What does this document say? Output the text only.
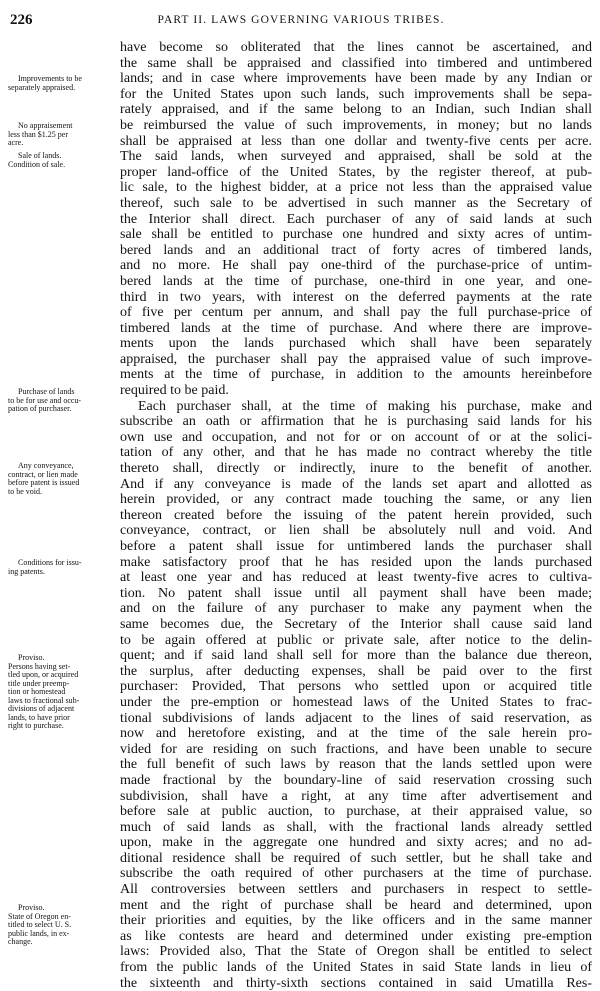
226	PART II. LAWS GOVERNING VARIOUS TRIBES.
Improvements to be
separately appraised.
No appraisement
less than $1.25 per
acre.
Sale of lands.
Condition of sale.
Purchase of lands
to be for use and occu-
pation of purchaser.
Any conveyance,
contract, or lien made
before patent is issued
to be void.
Conditions for issu-
ing patents.
Proviso.
Persons having set-
tled upon, or acquired
title under preemp-
tion or homestead
laws to fractional sub-
divisions of adjacent
lands, to have prior
right to purchase.
Proviso.
State of Oregon en-
titled to select U. S.
public lands, in ex-
change.
have become so obliterated that the lines cannot be ascertained, and
the same shall be appraised and classified into timbered and untimbered
lands; and in case where improvements have been made by any Indian or
for the United States upon such lands, such improvements shall be sepa-
rately appraised, and if the same belong to an Indian, such Indian shall
be reimbursed the value of such improvements, in money; but no lands
shall be appraised at less than one dollar and twenty-five cents per acre.
The said lands, when surveyed and appraised, shall be sold at the
proper land-office of the United States, by the register thereof, at pub-
lic sale, to the highest bidder, at a price not less than the appraised value
thereof, such sale to be advertised in such manner as the Secretary of
the Interior shall direct. Each purchaser of any of said lands at such
sale shall be entitled to purchase one hundred and sixty acres of untim-
bered lands and an additional tract of forty acres of timbered lands,
and no more. He shall pay one-third of the purchase-price of untim-
bered lands at the time of purchase, one-third in one year, and one-
third in two years, with interest on the deferred payments at the rate
of five per centum per annum, and shall pay the full purchase-price of
timbered lands at the time of purchase. And where there are improve-
ments upon the lands purchased which shall have been separately
appraised, the purchaser shall pay the appraised value of such improve-
ments at the time of purchase, in addition to the amounts hereinbefore
required to be paid.
Each purchaser shall, at the time of making his purchase, make and
subscribe an oath or affirmation that he is purchasing said lands for his
own use and occupation, and not for or on account of or at the solici-
tation of any other, and that he has made no contract whereby the title
thereto shall, directly or indirectly, inure to the benefit of another.
And if any conveyance is made of the lands set apart and allotted as
herein provided, or any contract made touching the same, or any lien
thereon created before the issuing of the patent herein provided, such
conveyance, contract, or lien shall be absolutely null and void. And
before a patent shall issue for untimbered lands the purchaser shall
make satisfactory proof that he has resided upon the lands purchased
at least one year and has reduced at least twenty-five acres to cultiva-
tion. No patent shall issue until all payment shall have been made;
and on the failure of any purchaser to make any payment when the
same becomes due, the Secretary of the Interior shall cause said land
to be again offered at public or private sale, after notice to the delin-
quent; and if said land shall sell for more than the balance due thereon,
the surplus, after deducting expenses, shall be paid over to the first
purchaser: Provided, That persons who settled upon or acquired title
under the pre-emption or homestead laws of the United States to frac-
tional subdivisions of lands adjacent to the lines of said reservation, as
now and heretofore existing, and at the time of the sale herein pro-
vided for are residing on such fractions, and have been unable to secure
the full benefit of such laws by reason that the lands settled upon were
made fractional by the boundary-line of said reservation crossing such
subdivision, shall have a right, at any time after advertisement and
before sale at public auction, to purchase, at their appraised value, so
much of said lands as shall, with the fractional lands already settled
upon, make in the aggregate one hundred and sixty acres; and no ad-
ditional residence shall be required of such settler, but he shall take and
subscribe the oath required of other purchasers at the time of purchase.
All controversies between settlers and purchasers in respect to settle-
ment and the right of purchase shall be heard and determined, upon
their priorities and equities, by the like officers and in the same manner
as like contests are heard and determined under existing pre-emption
laws: Provided also, That the State of Oregon shall be entitled to select
from the public lands of the United States in said State lands in lieu of
the sixteenth and thirty-sixth sections contained in said Umatilla Res-
